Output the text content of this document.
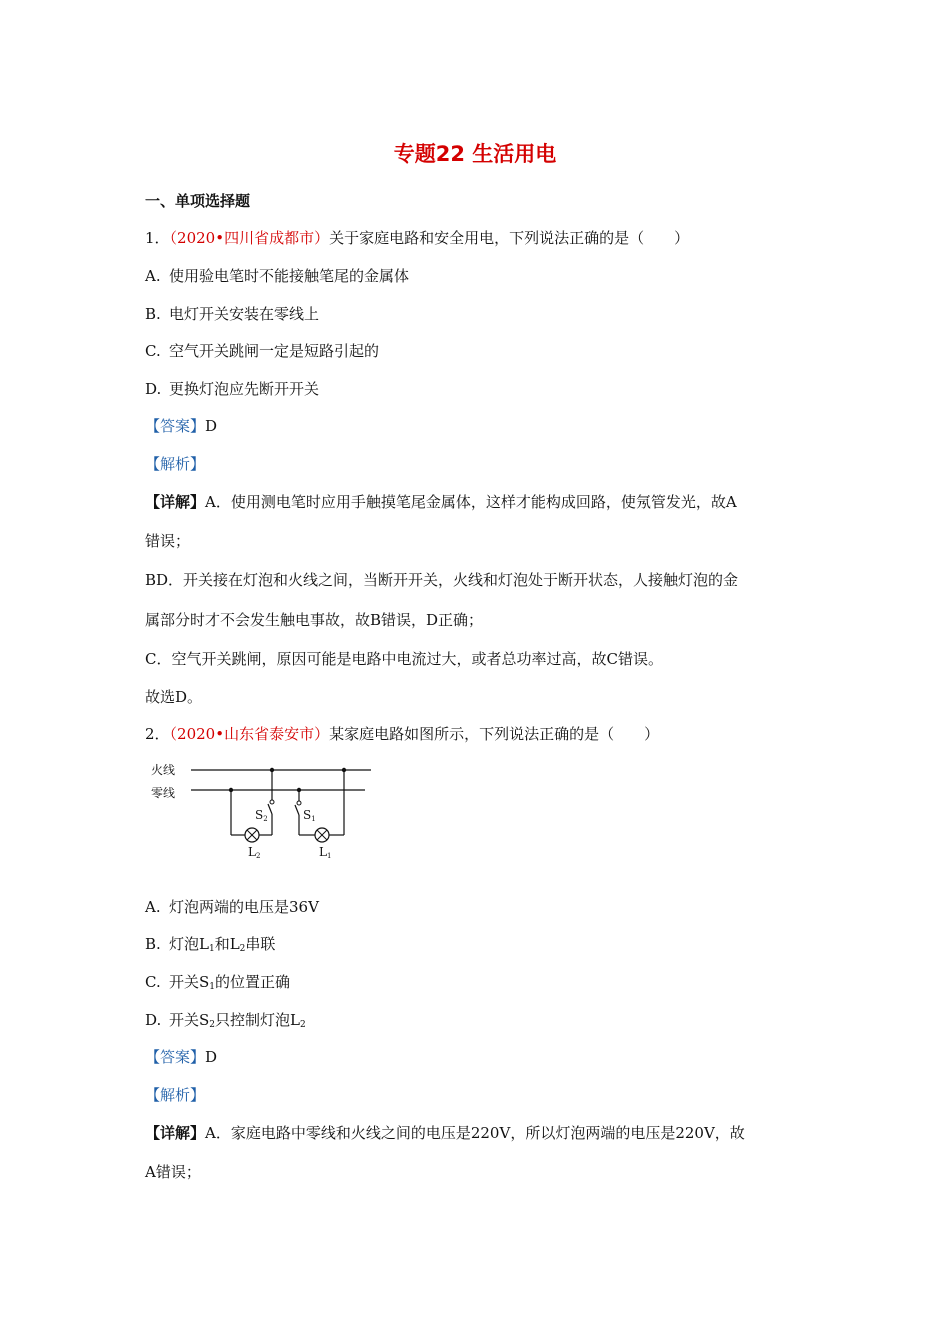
专题22 生活用电
一、单项选择题
1．（2020•四川省成都市）关于家庭电路和安全用电，下列说法正确的是（　　）
A. 使用验电笔时不能接触笔尾的金属体
B. 电灯开关安装在零线上
C. 空气开关跳闸一定是短路引起的
D. 更换灯泡应先断开开关
【答案】D
【解析】
【详解】A．使用测电笔时应用手触摸笔尾金属体，这样才能构成回路，使氖管发光，故A
错误；
BD．开关接在灯泡和火线之间，当断开开关，火线和灯泡处于断开状态，人接触灯泡的金
属部分时才不会发生触电事故，故B错误，D正确；
C．空气开关跳闸，原因可能是电路中电流过大，或者总功率过高，故C错误。
故选D。
2．（2020•山东省泰安市）某家庭电路如图所示，下列说法正确的是（　　）
火线
零线
S2
L2
S1
L1
A. 灯泡两端的电压是36V
B. 灯泡$L_1$和$L_2$串联
C. 开关$S_1$的位置正确
D. 开关$S_2$只控制灯泡$L_2$
【答案】D
【解析】
【详解】A．家庭电路中零线和火线之间的电压是220V，所以灯泡两端的电压是220V，故
A错误；
